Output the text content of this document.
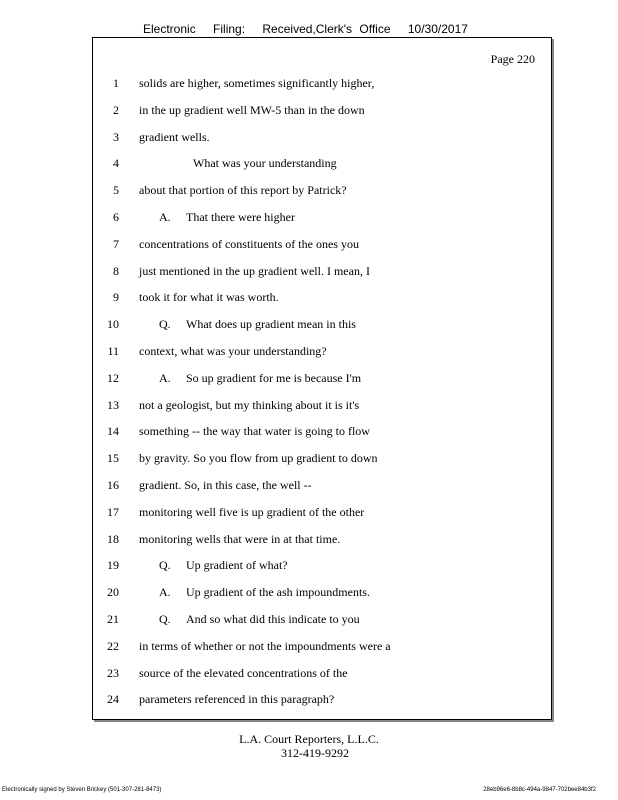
Electronic Filing: Received,Clerk's Office 10/30/2017
Page 220
1 solids are higher, sometimes significantly higher,
2 in the up gradient well MW-5 than in the down
3 gradient wells.
4	What was your understanding
5 about that portion of this report by Patrick?
6	A. That there were higher
7 concentrations of constituents of the ones you
8 just mentioned in the up gradient well. I mean, I
9 took it for what it was worth.
10	Q. What does up gradient mean in this
11 context, what was your understanding?
12	A. So up gradient for me is because I'm
13 not a geologist, but my thinking about it is it's
14 something -- the way that water is going to flow
15 by gravity. So you flow from up gradient to down
16 gradient. So, in this case, the well --
17 monitoring well five is up gradient of the other
18 monitoring wells that were in at that time.
19	Q. Up gradient of what?
20	A. Up gradient of the ash impoundments.
21	Q. And so what did this indicate to you
22 in terms of whether or not the impoundments were a
23 source of the elevated concentrations of the
24 parameters referenced in this paragraph?
L.A. Court Reporters, L.L.C.
312-419-9292
Electronically signed by Steven Brickey (501-307-281-8473)	28eb96e6-8b8c-494a-9847-702bee84b3f2
